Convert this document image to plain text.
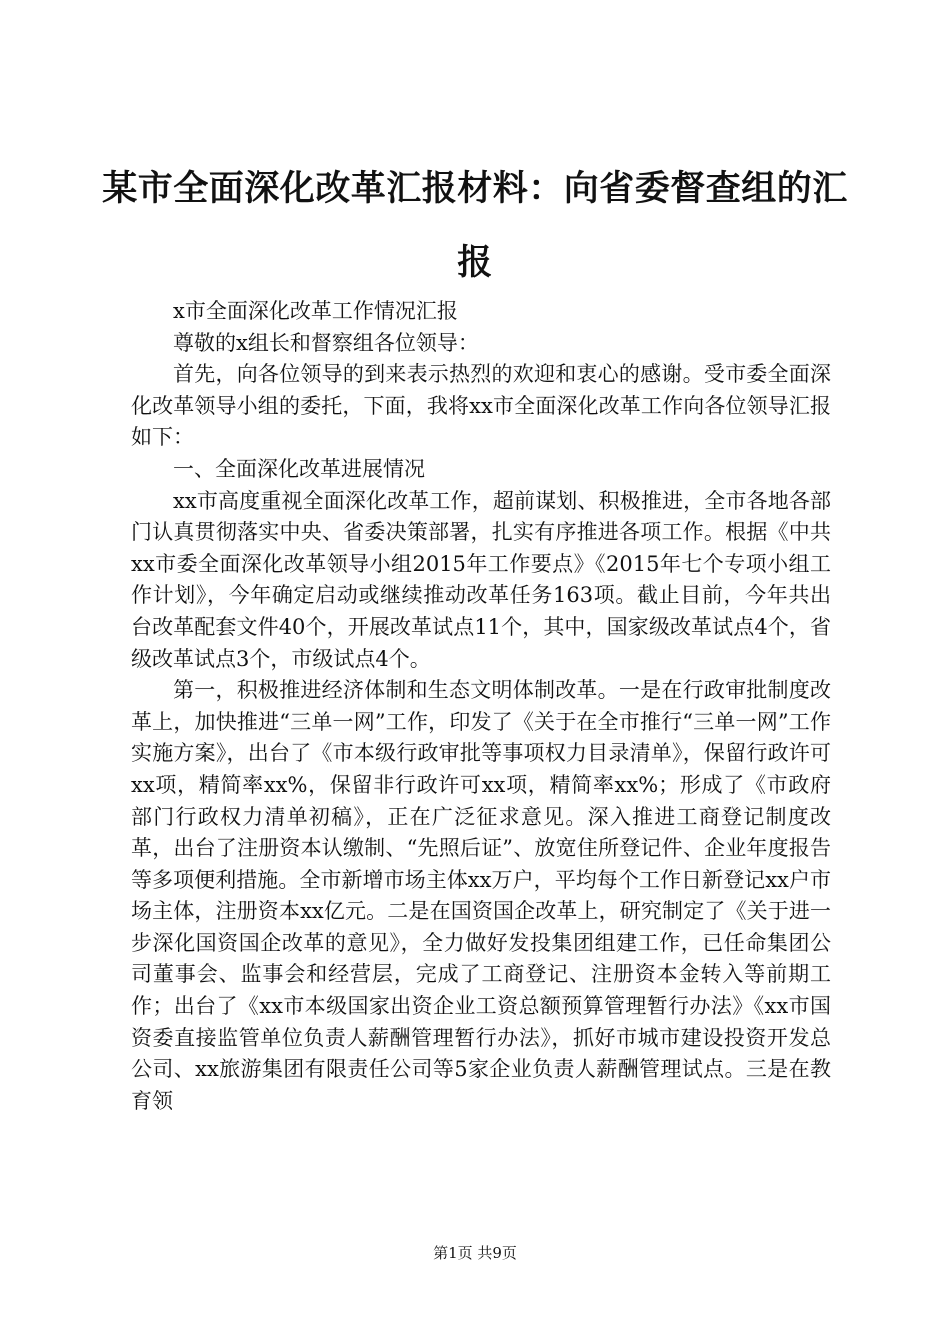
某市全面深化改革汇报材料：向省委督查组的汇报

x市全面深化改革工作情况汇报

尊敬的x组长和督察组各位领导：

首先，向各位领导的到来表示热烈的欢迎和衷心的感谢。受市委全面深化改革领导小组的委托，下面，我将xx市全面深化改革工作向各位领导汇报如下：

一、全面深化改革进展情况

xx市高度重视全面深化改革工作，超前谋划、积极推进，全市各地各部门认真贯彻落实中央、省委决策部署，扎实有序推进各项工作。根据《中共xx市委全面深化改革领导小组2015年工作要点》《2015年七个专项小组工作计划》，今年确定启动或继续推动改革任务163项。截止目前，今年共出台改革配套文件40个，开展改革试点11个，其中，国家级改革试点4个，省级改革试点3个，市级试点4个。

第一，积极推进经济体制和生态文明体制改革。一是在行政审批制度改革上，加快推进“三单一网”工作，印发了《关于在全市推行“三单一网”工作实施方案》，出台了《市本级行政审批等事项权力目录清单》，保留行政许可xx项，精简率xx%，保留非行政许可xx项，精简率xx%；形成了《市政府部门行政权力清单初稿》，正在广泛征求意见。深入推进工商登记制度改革，出台了注册资本认缴制、“先照后证”、放宽住所登记件、企业年度报告等多项便利措施。全市新增市场主体xx万户，平均每个工作日新登记xx户市场主体，注册资本xx亿元。二是在国资国企改革上，研究制定了《关于进一步深化国资国企改革的意见》，全力做好发投集团组建工作，已任命集团公司董事会、监事会和经营层，完成了工商登记、注册资本金转入等前期工作；出台了《xx市本级国家出资企业工资总额预算管理暂行办法》《xx市国资委直接监管单位负责人薪酬管理暂行办法》，抓好市城市建设投资开发总公司、xx旅游集团有限责任公司等5家企业负责人薪酬管理试点。三是在教育领

第1页 共9页
